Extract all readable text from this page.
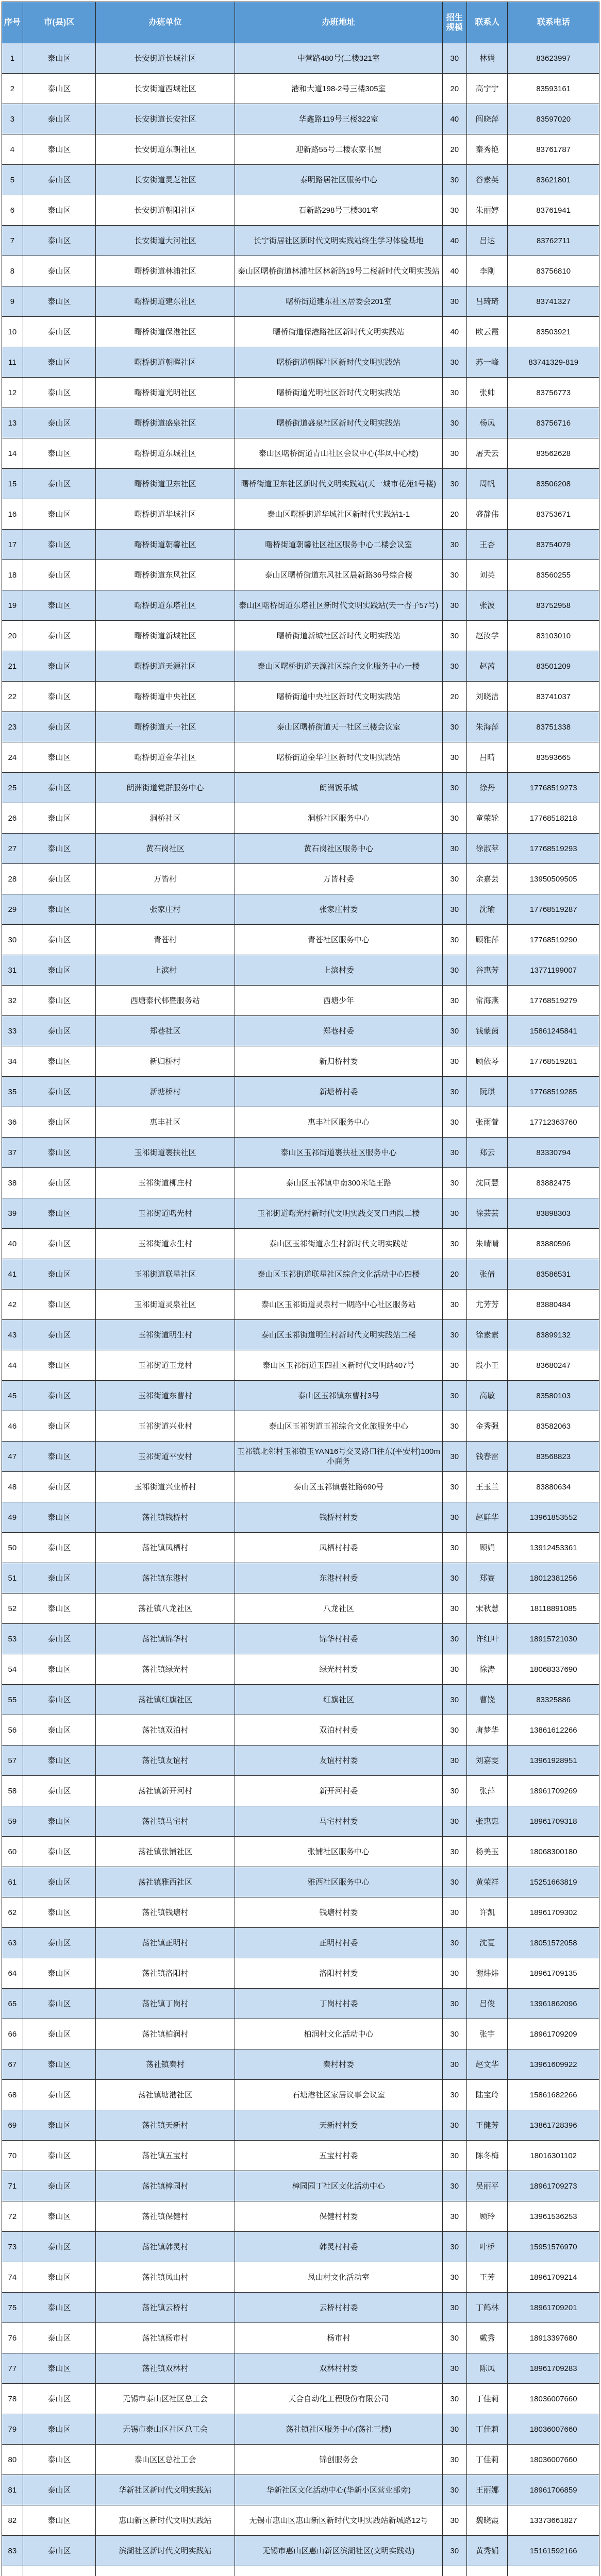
序号	市(县)区	办班单位	办班地址	招生规模	联系人	联系电话
1	泰山区	长安街道长城社区	中营路480号(二楼321室	30	林娟	83623997
2	泰山区	长安街道西城社区	港和大道198-2号三楼305室	20	高宁宁	83593161
3	泰山区	长安街道长安社区	华鑫路119号三楼322室	40	阎晓萍	83597020
4	泰山区	长安街道东朝社区	迎新路55号二楼农家书屋	20	秦秀艳	83761787
5	泰山区	长安街道灵芝社区	泰明路居社区服务中心	30	谷素英	83621801
6	泰山区	长安街道朝阳社区	石新路298号三楼301室	30	朱丽婷	83761941
7	泰山区	长安街道大河社区	长宁街居社区新时代文明实践站终生学习体验基地	40	吕达	83762711
8	泰山区	曙桥街道林浦社区	泰山区曙桥街道林浦社区林新路19号二楼新时代文明实践站	40	李刚	83756810
9	泰山区	曙桥街道建东社区	曙桥街道建东社区居委会201室	30	吕琦琦	83741327
10	泰山区	曙桥街道保港社区	曙桥街道保港路社区新时代文明实践站	40	欧云霞	83503921
11	泰山区	曙桥街道朝晖社区	曙桥街道朝晖社区新时代文明实践站	30	苏一峰	83741329-819
12	泰山区	曙桥街道光明社区	曙桥街道光明社区新时代文明实践站	30	张帅	83756773
13	泰山区	曙桥街道盛泉社区	曙桥街道盛泉社区新时代文明实践站	30	杨凤	83756716
14	泰山区	曙桥街道东城社区	泰山区曙桥街道青山社区会议中心(华凤中心楼)	30	屠天云	83562628
15	泰山区	曙桥街道卫东社区	曙桥街道卫东社区新时代文明实践站(天一城市花苑1号楼)	30	周帆	83506208
16	泰山区	曙桥街道华城社区	泰山区曙桥街道华城社区新时代实践站1-1	20	盛静伟	83753671
17	泰山区	曙桥街道朝馨社区	曙桥街道朝馨社区社区服务中心二楼会议室	30	王杏	83754079
18	泰山区	曙桥街道东风社区	泰山区曙桥街道东风社区晨新路36号综合楼	30	刘英	83560255
19	泰山区	曙桥街道东塔社区	泰山区曙桥街道东塔社区新时代文明实践站(天一杏子57号)	30	张波	83752958
20	泰山区	曙桥街道新城社区	曙桥街道新城社区新时代文明实践站	30	赵汝学	83103010
21	泰山区	曙桥街道天源社区	泰山区曙桥街道天源社区综合文化服务中心一楼	30	赵茜	83501209
22	泰山区	曙桥街道中央社区	曙桥街道中央社区新时代文明实践站	20	刘晓洁	83741037
23	泰山区	曙桥街道天一社区	泰山区曙桥街道天一社区三楼会议室	30	朱海萍	83751338
24	泰山区	曙桥街道金华社区	曙桥街道金华社区新时代文明实践站	30	吕晴	83593665
25	泰山区	朗洲街道党群服务中心	朗洲饭乐城	30	徐丹	17768519273
26	泰山区	洞桥社区	洞桥社区服务中心	30	童荣轮	17768518218
27	泰山区	黄石岗社区	黄石岗社区服务中心	30	徐淑苹	17768519293
28	泰山区	万皆村	万皆村委	30	余嘉芸	13950509505
29	泰山区	张家庄村	张家庄村委	30	沈瑜	17768519287
30	泰山区	青苍村	青苍社区服务中心	30	顾雅萍	17768519290
31	泰山区	上滨村	上滨村委	30	谷惠芳	13771199007
32	泰山区	西塘泰代邨暨服务站	西塘少年	30	常海燕	17768519279
33	泰山区	郑巷社区	郑巷村委	30	钱蒙茵	15861245841
34	泰山区	新归桥村	新归桥村委	30	顾依琴	17768519281
35	泰山区	新塘桥村	新塘桥村委	30	阮琪	17768519285
36	泰山区	惠丰社区	惠丰社区服务中心	30	张雨萱	17712363760
37	泰山区	玉祁街道裹扶社区	泰山区玉祁街道裹扶社区服务中心	30	郑云	83330794
38	泰山区	玉祁街道柳庄村	泰山区玉祁镇中南300米笔王路	30	沈同慧	83882475
39	泰山区	玉祁街道曙光村	玉祁街道曙光村新时代文明实践交叉口西段二楼	30	徐芸芸	83898303
40	泰山区	玉祁街道永生村	泰山区玉祁街道永生村新时代文明实践站	30	朱晴晴	83880596
41	泰山区	玉祁街道联星社区	泰山区玉祁街道联星社区综合文化活动中心四楼	20	张倩	83586531
42	泰山区	玉祁街道灵泉社区	泰山区玉祁街道灵泉村一期路中心社区服务站	30	尤芳芳	83880484
43	泰山区	玉祁街道明生村	泰山区玉祁街道明生村新时代文明实践站二楼	30	徐素素	83899132
44	泰山区	玉祁街道玉龙村	泰山区玉祁街道玉四社区新时代文明站407号	30	段小王	83680247
45	泰山区	玉祁街道东曹村	泰山区玉祁镇东曹村3号	30	高敏	83580103
46	泰山区	玉祁街道兴业村	泰山区玉祁街道玉祁综合文化旅服务中心	30	金秀强	83582063
47	泰山区	玉祁街道平安村	玉祁镇北邻村玉祁镇玉YAN16号交叉路口往东(平安村)100m小商务	30	钱春雷	83568823
48	泰山区	玉祁街道兴业桥村	泰山区玉祁镇裹社路690号	30	王玉兰	83880634
49	泰山区	荡社镇钱桥村	钱桥村村委	30	赵鲜华	13961853552
50	泰山区	荡社镇凤栖村	凤栖村村委	30	顾娟	13912453361
51	泰山区	荡社镇东港村	东港村村委	30	郑赛	18012381256
52	泰山区	荡社镇八龙社区	八龙社区	30	宋秋慧	18118891085
53	泰山区	荡社镇锦华村	锦华村村委	30	许红叶	18915721030
54	泰山区	荡社镇绿光村	绿光村村委	30	徐涛	18068337690
55	泰山区	荡社镇红旗社区	红旗社区	30	曹饶	83325886
56	泰山区	荡社镇双泊村	双泊村村委	30	唐梦华	13861612266
57	泰山区	荡社镇友谊村	友谊村村委	30	刘嘉雯	13961928951
58	泰山区	荡社镇新开河村	新开河村委	30	张萍	18961709269
59	泰山区	荡社镇马宅村	马宅村村委	30	张惠惠	18961709318
60	泰山区	荡社镇张铺社区	张铺社区服务中心	30	杨美玉	18068300180
61	泰山区	荡社镇雅西社区	雅西社区服务中心	30	黄荣祥	15251663819
62	泰山区	荡社镇钱塘村	钱塘村村委	30	许凯	18961709302
63	泰山区	荡社镇正明村	正明村村委	30	沈夏	18051572058
64	泰山区	荡社镇洛阳村	洛阳村村委	30	谢炜炜	18961709135
65	泰山区	荡社镇丁岗村	丁岗村村委	30	吕俊	13961862096
66	泰山区	荡社镇柏润村	柏润村文化活动中心	30	张宇	18961709209
67	泰山区	荡社镇秦村	秦村村委	30	赵文华	13961609922
68	泰山区	荡社镇塘港社区	石塘港社区家居议事会议室	30	陆宝玲	15861682266
69	泰山区	荡社镇天新村	天新村村委	30	王健芳	13861728396
70	泰山区	荡社镇五宝村	五宝村村委	30	陈冬梅	18016301102
71	泰山区	荡社镇樟园村	樟园园丁社区文化活动中心	30	吴丽平	18961709273
72	泰山区	荡社镇保健村	保健村村委	30	顾玲	13961536253
73	泰山区	荡社镇韩灵村	韩灵村村委	30	叶桥	15951576970
74	泰山区	荡社镇凤山村	凤山村文化活动室	30	王芳	18961709214
75	泰山区	荡社镇云桥村	云桥村村委	30	丁鹤林	18961709201
76	泰山区	荡社镇杨市村	杨市村	30	戴秀	18913397680
77	泰山区	荡社镇双林村	双林村村委	30	陈凤	18961709283
78	泰山区	无锡市泰山区社区总工会	天合自动化工程股份有限公司	30	丁佳莉	18036007660
79	泰山区	无锡市泰山区社区总工会	荡社镇社区服务中心(荡社三楼)	30	丁佳莉	18036007660
80	泰山区	泰山区区总社工会	锦创服务会	30	丁佳莉	18036007660
81	泰山区	华新社区新时代文明实践站	华新社区文化活动中心(华新小区营业部旁)	30	王丽娜	18961706859
82	泰山区	惠山新区新时代文明实践站	无锡市惠山区惠山新区新时代文明实践站新城路12号	30	魏晓霞	13373661827
83	泰山区	滨湖社区新时代文明实践站	无锡市惠山区惠山新区滨湖社区(文明实践站)	30	黄秀娟	15161592166
